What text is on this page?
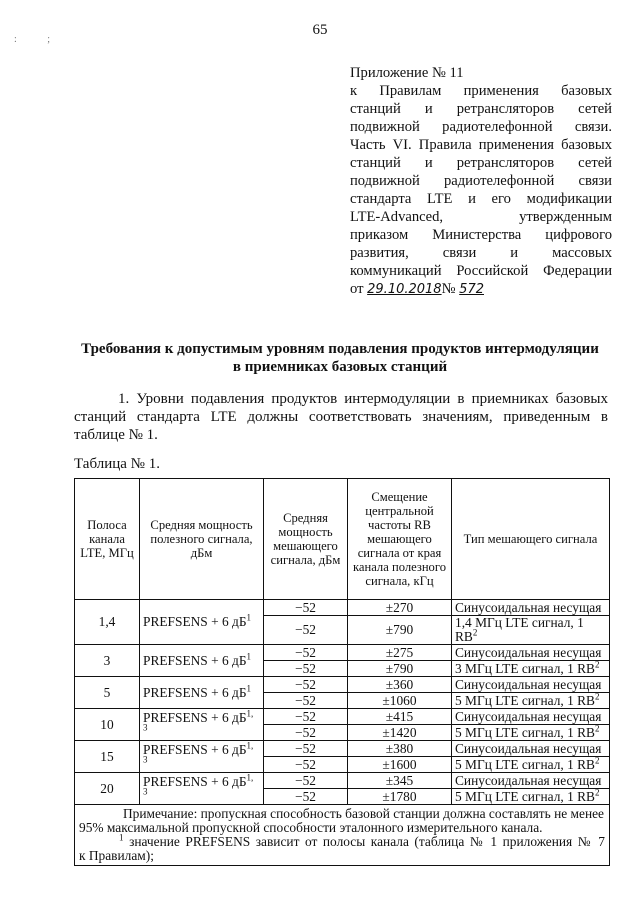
65
: ;
Приложение № 11
к Правилам применения базовых
станций и ретрансляторов сетей
подвижной радиотелефонной связи.
Часть VI. Правила применения базовых
станций и ретрансляторов сетей
подвижной радиотелефонной связи
стандарта LTE и его модификации
LTE-Advanced, утвержденным
приказом Министерства цифрового
развития, связи и массовых
коммуникаций Российской Федерации
от 29.10.2018№ 572
Требования к допустимым уровням подавления продуктов интермодуляции
в приемниках базовых станций
1. Уровни подавления продуктов интермодуляции в приемниках базовых
станций стандарта LTE должны соответствовать значениям, приведенным в таблице № 1.
Таблица № 1.
Полоса канала LTE, МГц	Средняя мощность полезного сигнала, дБм	Средняя мощность мешающего сигнала, дБм	Смещение центральной частоты RB мешающего сигнала от края канала полезного сигнала, кГц	Тип мешающего сигнала
1,4	PREFSENS + 6 $дБ^1$	−52	±270	Синусоидальная несущая
		−52	±790	1,4 МГц LTE сигнал, 1 $RB^2$
3	PREFSENS + 6 $дБ^1$	−52	±275	Синусоидальная несущая
		−52	±790	3 МГц LTE сигнал, 1 $RB^2$
5	PREFSENS + 6 $дБ^1$	−52	±360	Синусоидальная несущая
		−52	±1060	5 МГц LTE сигнал, 1 $RB^2$
10	PREFSENS + 6 дБ$^{1, 3}$	−52	±415	Синусоидальная несущая
		−52	±1420	5 МГц LTE сигнал, 1 $RB^2$
15	PREFSENS + 6 дБ$^{1, 3}$	−52	±380	Синусоидальная несущая
		−52	±1600	5 МГц LTE сигнал, 1 $RB^2$
20	PREFSENS + 6 дБ$^{1, 3}$	−52	±345	Синусоидальная несущая
		−52	±1780	5 МГц LTE сигнал, 1 $RB^2$

Примечание: пропускная способность базовой станции должна составлять не менее
95% максимальной пропускной способности эталонного измерительного канала.
$^1$ значение PREFSENS зависит от полосы канала (таблица № 1 приложения № 7
к Правилам);				
